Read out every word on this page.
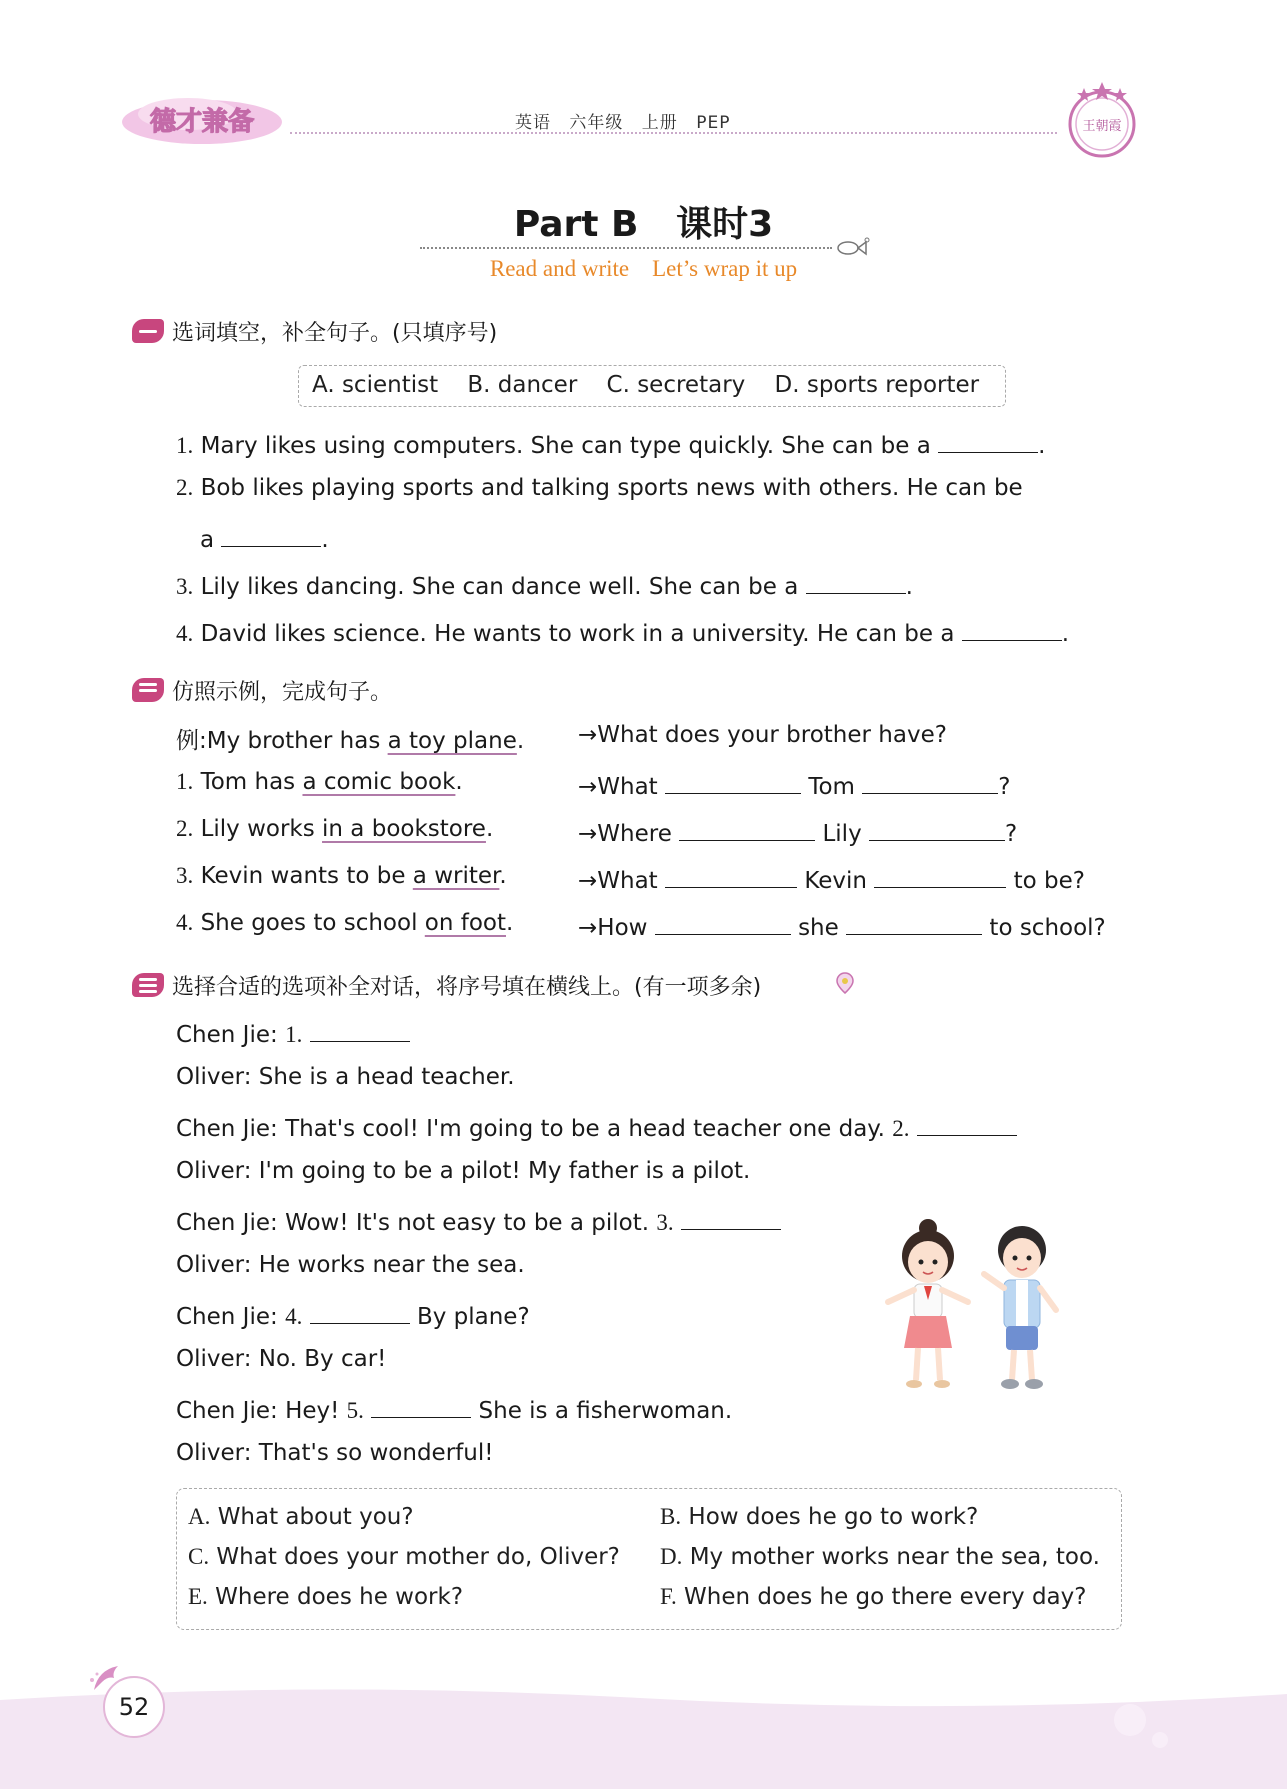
德才兼备	英语 六年级 上册 PEP	王朝霞
Part B   课时3
Read and write    Let’s wrap it up
选词填空，补全句子。(只填序号)
A. scientist    B. dancer    C. secretary    D. sports reporter
1. Mary likes using computers. She can type quickly. She can be a	.
2. Bob likes playing sports and talking sports news with others. He can be
a	.
3. Lily likes dancing. She can dance well. She can be a	.
4. David likes science. He wants to work in a university. He can be a	.
仿照示例，完成句子。
例:My brother has a toy plane. →What does your brother have?
1. Tom has a comic book.	→What	Tom	?
2. Lily works in a bookstore.	→Where	Lily	?
3. Kevin wants to be a writer.	→What	Kevin	to be?
4. She goes to school on foot.	→How	she	to school?
选择合适的选项补全对话，将序号填在横线上。(有一项多余)
Chen Jie: 1.
Oliver: She is a head teacher.
Chen Jie: That's cool! I'm going to be a head teacher one day. 2.
Oliver: I'm going to be a pilot! My father is a pilot.
Chen Jie: Wow! It's not easy to be a pilot. 3.
Oliver: He works near the sea.
Chen Jie: 4.	By plane?
Oliver: No. By car!
Chen Jie: Hey! 5.	She is a fisherwoman.
Oliver: That's so wonderful!
A. What about you?	B. How does he go to work?
C. What does your mother do, Oliver? D. My mother works near the sea, too.
E. Where does he work?	F. When does he go there every day?
52
